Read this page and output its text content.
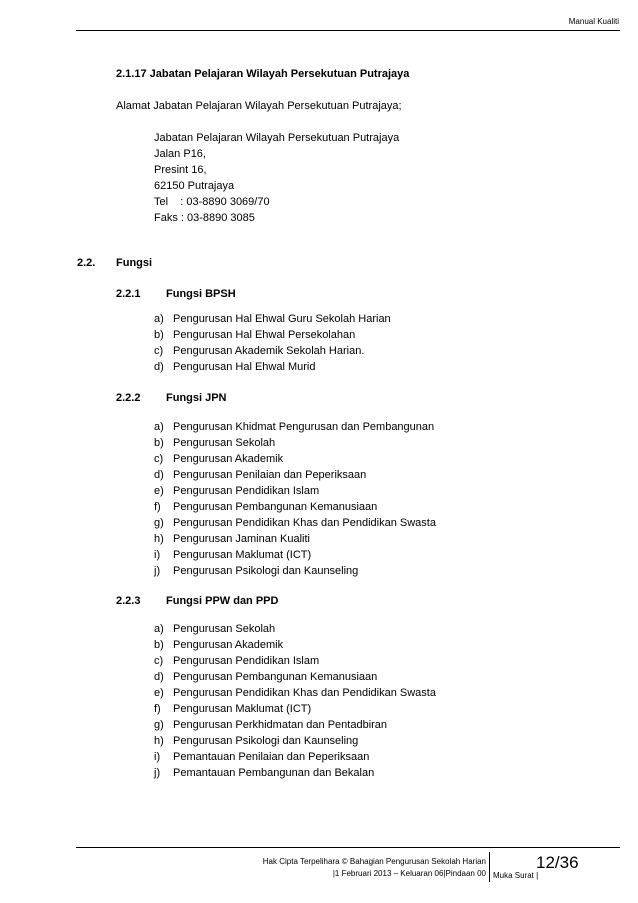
Manual Kualiti
2.1.17 Jabatan Pelajaran Wilayah Persekutuan Putrajaya
Alamat Jabatan Pelajaran Wilayah Persekutuan Putrajaya;
Jabatan Pelajaran Wilayah Persekutuan Putrajaya
Jalan P16,
Presint 16,
62150 Putrajaya
Tel    : 03-8890 3069/70
Faks : 03-8890 3085
2.2. Fungsi
2.2.1 Fungsi BPSH
a) Pengurusan Hal Ehwal Guru Sekolah Harian
b) Pengurusan Hal Ehwal Persekolahan
c) Pengurusan Akademik Sekolah Harian.
d) Pengurusan Hal Ehwal Murid
2.2.2 Fungsi JPN
a) Pengurusan Khidmat Pengurusan dan Pembangunan
b) Pengurusan Sekolah
c) Pengurusan Akademik
d) Pengurusan Penilaian dan Peperiksaan
e) Pengurusan Pendidikan Islam
f)	Pengurusan Pembangunan Kemanusiaan
g) Pengurusan Pendidikan Khas dan Pendidikan Swasta
h) Pengurusan Jaminan Kualiti
i)	Pengurusan Maklumat (ICT)
j)	Pengurusan Psikologi dan Kaunseling
2.2.3 Fungsi PPW dan PPD
a) Pengurusan Sekolah
b) Pengurusan Akademik
c) Pengurusan Pendidikan Islam
d) Pengurusan Pembangunan Kemanusiaan
e) Pengurusan Pendidikan Khas dan Pendidikan Swasta
f)	Pengurusan Maklumat (ICT)
g) Pengurusan Perkhidmatan dan Pentadbiran
h) Pengurusan Psikologi dan Kaunseling
i)	Pemantauan Penilaian dan Peperiksaan
j)	Pemantauan Pembangunan dan Bekalan
Hak Cipta Terpelihara © Bahagian Pengurusan Sekolah Harian
|1 Februari 2013 – Keluaran 06|Pindaan 00 Muka Surat |
12/36
